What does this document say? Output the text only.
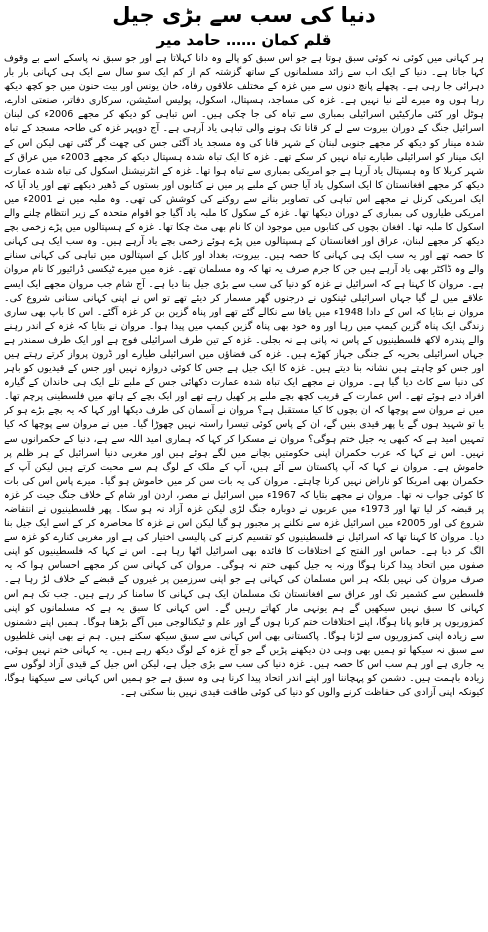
دنیا کی سب سے بڑی جیل
قلم کمان …… حامد میر

ہر کہانی میں کوئی نہ کوئی سبق ہوتا ہے جو اس سبق کو پالے وہ دانا کہلاتا ہے اور جو سبق نہ پاسکے اسے بے وقوف کہا جاتا ہے۔ دنیا کے ایک اب سے زائد مسلمانوں کے ساتھ گزشتہ کم از کم ایک سو سال سے ایک ہی کہانی بار بار دہرائی جا رہی ہے۔ پچھلے پانچ دنوں سے میں غزہ کے مختلف علاقوں رفاہ، خان یونس اور بیت حنون میں جو کچھ دیکھ رہا ہوں وہ میرے لئے نیا نہیں ہے۔ غزہ کی مساجد، ہسپتال، اسکول، پولیس اسٹیشن، سرکاری دفاتر، صنعتی ادارے، ہوٹل اور کئی مارکیٹیں اسرائیلی بمباری سے تباہ کی جا چکی ہیں۔ اس تباہی کو دیکھ کر مجھے 2006ء کی لبنان اسرائیل جنگ کے دوران بیروت سے لے کر قانا تک ہونے والی تباہی یاد آرہی ہے۔ آج دوپہر غزہ کی طاحہ مسجد کے تباہ شدہ مینار کو دیکھ کر مجھے جنوبی لبنان کے شہر قانا کی وہ مسجد یاد آگئی جس کی چھت گر گئی تھی لیکن اس کے ایک مینار کو اسرائیلی طیارے تباہ نہیں کر سکے تھے۔ غزہ کا ایک تباہ شدہ ہسپتال دیکھ کر مجھے 2003ء میں عراق کے شہر کربلا کا وہ ہسپتال یاد آرہا ہے جو امریکی بمباری سے تباہ ہوا تھا۔ غزہ کے انٹرنیشنل اسکول کی تباہ شدہ عمارت دیکھ کر مجھے افغانستان کا ایک اسکول یاد آیا جس کے ملبے پر میں نے کتابوں اور بستوں کے ڈھیر دیکھے تھے اور یاد آیا کہ ایک امریکی کرنل نے مجھے اس تباہی کی تصاویر بنانے سے روکنے کی کوشش کی تھی۔ وہ ملبہ میں نے 2001ء میں امریکی طیاروں کی بمباری کے دوران دیکھا تھا۔ غزہ کے سکول کا ملبہ یاد آگیا جو اقوام متحدہ کے زیر انتظام چلنے والے اسکول کا ملبہ تھا۔ افغان بچوں کی کتابوں میں موجود ان کا نام بھی مٹ چکا تھا۔ غزہ کے ہسپتالوں میں پڑے زخمی بچے دیکھ کر مجھے لبنان، عراق اور افغانستان کے ہسپتالوں میں پڑے ہوئے زخمی بچے یاد آرہے ہیں۔ وہ سب ایک ہی کہانی کا حصہ تھے اور یہ سب ایک ہی کہانی کا حصہ ہیں۔ بیروت، بغداد اور کابل کے اسپتالوں میں تباہی کی کہانی سنانے والے وہ ڈاکٹر بھی یاد آرہے ہیں جن کا جرم صرف یہ تھا کہ وہ مسلمان تھے۔ غزہ میں میرے ٹیکسی ڈرائیور کا نام مروان ہے۔ مروان کا کہنا ہے کہ اسرائیل نے غزہ کو دنیا کی سب سے بڑی جیل بنا دیا ہے۔ آج شام جب مروان مجھے ایک ایسے علاقے میں لے گیا جہاں اسرائیلی ٹینکوں نے درجنوں گھر مسمار کر دیئے تھے تو اس نے اپنی کہانی سنانی شروع کی۔ مروان نے بتایا کہ اس کے دادا 1948ء میں یافا سے نکالے گئے تھے اور پناہ گزین بن کر غزہ آگئے۔ اس کا باپ بھی ساری زندگی ایک پناہ گزین کیمپ میں رہا اور وہ خود بھی پناہ گزین کیمپ میں پیدا ہوا۔ مروان نے بتایا کہ غزہ کے اندر رہنے والے پندرہ لاکھ فلسطینیوں کے پاس نہ پانی ہے نہ بجلی۔ غزہ کے تین طرف اسرائیلی فوج ہے اور ایک طرف سمندر ہے جہاں اسرائیلی بحریہ کے جنگی جہاز کھڑے ہیں۔ غزہ کی فضاؤں میں اسرائیلی طیارے اور ڈرون پرواز کرتے رہتے ہیں اور جس کو چاہتے ہیں نشانہ بنا دیتے ہیں۔ غزہ کا ایک جیل ہے جس کا کوئی دروازہ نہیں اور جس کے قیدیوں کو باہر کی دنیا سے کاٹ دیا گیا ہے۔ مروان نے مجھے ایک تباہ شدہ عمارت دکھائی جس کے ملبے تلے ایک ہی خاندان کے گیارہ افراد دبے ہوئے تھے۔ اس عمارت کے قریب کچھ بچے ملبے پر کھیل رہے تھے اور ایک بچے کے ہاتھ میں فلسطینی پرچم تھا۔ میں نے مروان سے پوچھا کہ ان بچوں کا کیا مستقبل ہے؟ مروان نے آسمان کی طرف دیکھا اور کہا کہ یہ بچے بڑے ہو کر یا تو شہید ہوں گے یا پھر قیدی بنیں گے، ان کے پاس کوئی تیسرا راستہ نہیں چھوڑا گیا۔ میں نے مروان سے پوچھا کہ کیا تمہیں امید ہے کہ کبھی یہ جیل ختم ہوگی؟ مروان نے مسکرا کر کہا کہ ہماری امید اللہ سے ہے، دنیا کے حکمرانوں سے نہیں۔ اس نے کہا کہ عرب حکمران اپنی حکومتیں بچانے میں لگے ہوئے ہیں اور مغربی دنیا اسرائیل کے ہر ظلم پر خاموش ہے۔ مروان نے کہا کہ آپ پاکستان سے آئے ہیں، آپ کے ملک کے لوگ ہم سے محبت کرتے ہیں لیکن آپ کے حکمران بھی امریکا کو ناراض نہیں کرنا چاہتے۔ مروان کی یہ بات سن کر میں خاموش ہو گیا۔ میرے پاس اس کی بات کا کوئی جواب نہ تھا۔ مروان نے مجھے بتایا کہ 1967ء میں اسرائیل نے مصر، اردن اور شام کے خلاف جنگ جیت کر غزہ پر قبضہ کر لیا تھا اور 1973ء میں عربوں نے دوبارہ جنگ لڑی لیکن غزہ آزاد نہ ہو سکا۔ پھر فلسطینیوں نے انتفاضہ شروع کی اور 2005ء میں اسرائیل غزہ سے نکلنے پر مجبور ہو گیا لیکن اس نے غزہ کا محاصرہ کر کے اسے ایک جیل بنا دیا۔ مروان کا کہنا تھا کہ اسرائیل نے فلسطینیوں کو تقسیم کرنے کی پالیسی اختیار کی ہے اور مغربی کنارے کو غزہ سے الگ کر دیا ہے۔ حماس اور الفتح کے اختلافات کا فائدہ بھی اسرائیل اٹھا رہا ہے۔ اس نے کہا کہ فلسطینیوں کو اپنی صفوں میں اتحاد پیدا کرنا ہوگا ورنہ یہ جیل کبھی ختم نہ ہوگی۔ مروان کی کہانی سن کر مجھے احساس ہوا کہ یہ صرف مروان کی نہیں بلکہ ہر اس مسلمان کی کہانی ہے جو اپنی سرزمین پر غیروں کے قبضے کے خلاف لڑ رہا ہے۔ فلسطین سے کشمیر تک اور عراق سے افغانستان تک مسلمان ایک ہی کہانی کا سامنا کر رہے ہیں۔ جب تک ہم اس کہانی کا سبق نہیں سیکھیں گے ہم یونہی مار کھاتے رہیں گے۔ اس کہانی کا سبق یہ ہے کہ مسلمانوں کو اپنی کمزوریوں پر قابو پانا ہوگا، اپنے اختلافات ختم کرنا ہوں گے اور علم و ٹیکنالوجی میں آگے بڑھنا ہوگا۔ ہمیں اپنے دشمنوں سے زیادہ اپنی کمزوریوں سے لڑنا ہوگا۔ پاکستانی بھی اس کہانی سے سبق سیکھ سکتے ہیں۔ ہم نے بھی اپنی غلطیوں سے سبق نہ سیکھا تو ہمیں بھی وہی دن دیکھنے پڑیں گے جو آج غزہ کے لوگ دیکھ رہے ہیں۔ یہ کہانی ختم نہیں ہوئی، یہ جاری ہے اور ہم سب اس کا حصہ ہیں۔ غزہ دنیا کی سب سے بڑی جیل ہے، لیکن اس جیل کے قیدی آزاد لوگوں سے زیادہ باہمت ہیں۔ دشمن کو پہچاننا اور اپنے اندر اتحاد پیدا کرنا ہی وہ سبق ہے جو ہمیں اس کہانی سے سیکھنا ہوگا، کیونکہ اپنی آزادی کی حفاظت کرنے والوں کو دنیا کی کوئی طاقت قیدی نہیں بنا سکتی ہے۔
